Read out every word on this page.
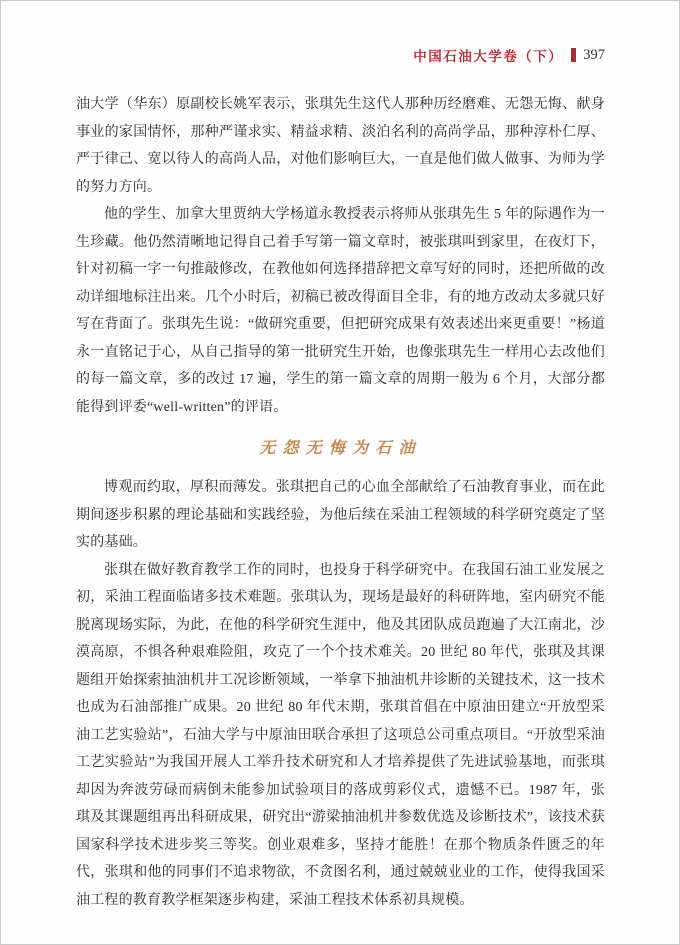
中国石油大学卷（下） 397

油大学（华东）原副校长姚军表示，张琪先生这代人那种历经磨难、无怨无悔、献身事业的家国情怀，那种严谨求实、精益求精、淡泊名利的高尚学品，那种淳朴仁厚、严于律己、宽以待人的高尚人品，对他们影响巨大，一直是他们做人做事、为师为学的努力方向。

他的学生、加拿大里贾纳大学杨道永教授表示将师从张琪先生 5 年的际遇作为一生珍藏。他仍然清晰地记得自己着手写第一篇文章时，被张琪叫到家里，在夜灯下，针对初稿一字一句推敲修改，在教他如何选择措辞把文章写好的同时，还把所做的改动详细地标注出来。几个小时后，初稿已被改得面目全非，有的地方改动太多就只好写在背面了。张琪先生说：“做研究重要，但把研究成果有效表述出来更重要！”杨道永一直铭记于心，从自己指导的第一批研究生开始，也像张琪先生一样用心去改他们的每一篇文章，多的改过 17 遍，学生的第一篇文章的周期一般为 6 个月，大部分都能得到评委“well-written”的评语。

无怨无悔为石油

博观而约取，厚积而薄发。张琪把自己的心血全部献给了石油教育事业，而在此期间逐步积累的理论基础和实践经验，为他后续在采油工程领域的科学研究奠定了坚实的基础。

张琪在做好教育教学工作的同时，也投身于科学研究中。在我国石油工业发展之初，采油工程面临诸多技术难题。张琪认为，现场是最好的科研阵地，室内研究不能脱离现场实际，为此，在他的科学研究生涯中，他及其团队成员跑遍了大江南北，沙漠高原，不惧各种艰难险阻，攻克了一个个技术难关。20 世纪 80 年代，张琪及其课题组开始探索抽油机井工况诊断领域，一举拿下抽油机井诊断的关键技术，这一技术也成为石油部推广成果。20 世纪 80 年代末期，张琪首倡在中原油田建立“开放型采油工艺实验站”，石油大学与中原油田联合承担了这项总公司重点项目。“开放型采油工艺实验站”为我国开展人工举升技术研究和人才培养提供了先进试验基地，而张琪却因为奔波劳碌而病倒未能参加试验项目的落成剪彩仪式，遗憾不已。1987 年，张琪及其课题组再出科研成果，研究出“游梁抽油机井参数优选及诊断技术”，该技术获国家科学技术进步奖三等奖。创业艰难多，坚持才能胜！在那个物质条件匮乏的年代，张琪和他的同事们不追求物欲，不贪图名利，通过兢兢业业的工作，使得我国采油工程的教育教学框架逐步构建，采油工程技术体系初具规模。
